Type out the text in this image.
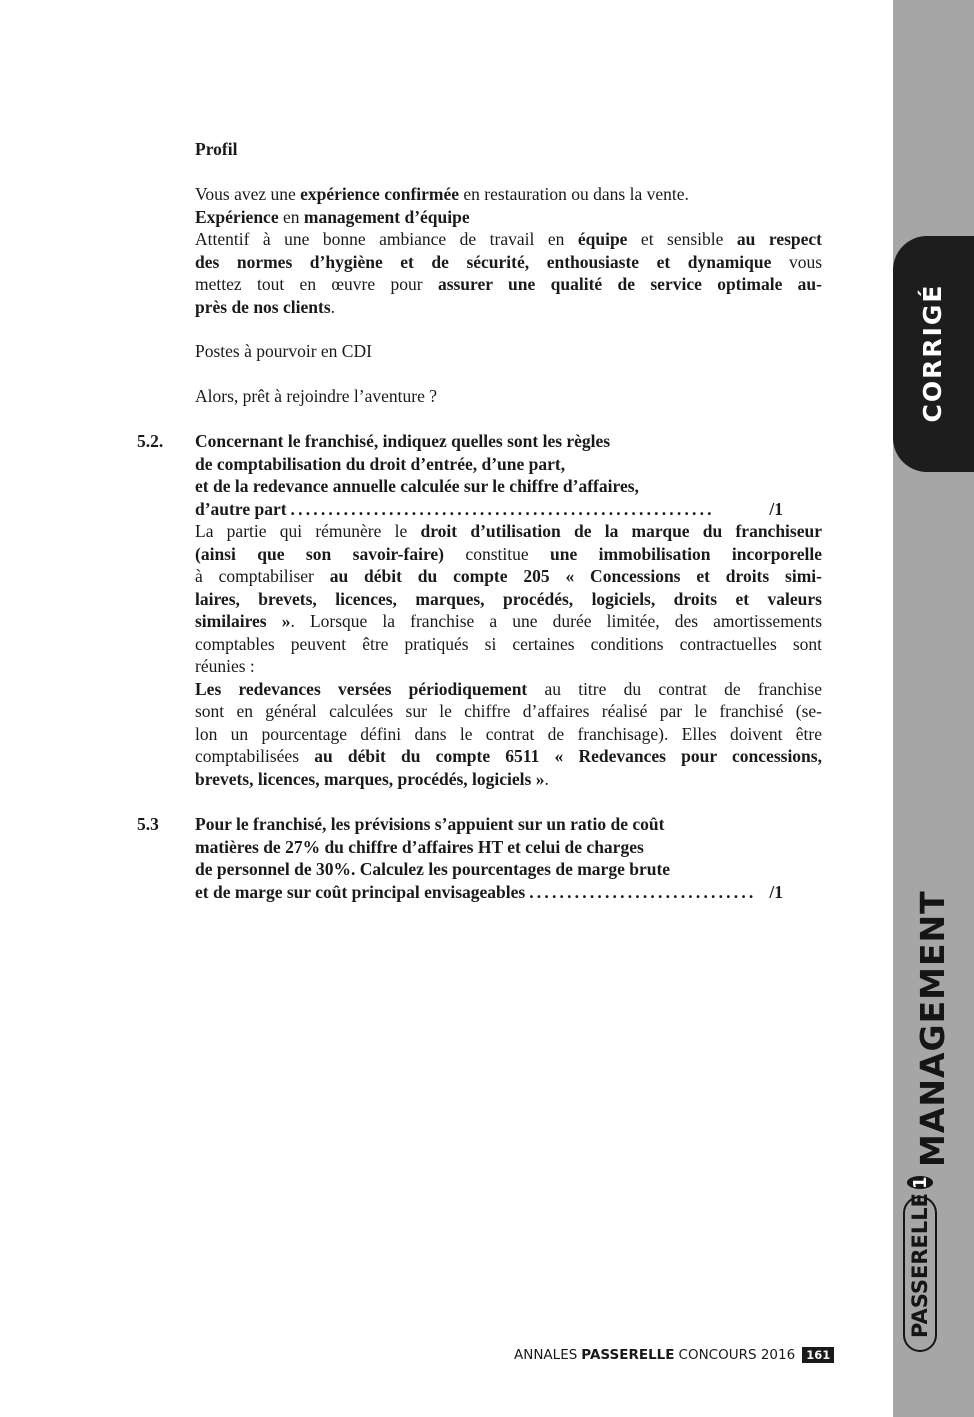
CORRIGÉ
MANAGEMENT
PASSERELLE
1
Profil
Vous avez une expérience confirmée en restauration ou dans la vente.
Expérience en management d’équipe
Attentif à une bonne ambiance de travail en équipe et sensible au respect
des normes d’hygiène et de sécurité, enthousiaste et dynamique vous
mettez tout en œuvre pour assurer une qualité de service optimale au-
près de nos clients.
Postes à pourvoir en CDI
Alors, prêt à rejoindre l’aventure ?
5.2. Concernant le franchisé, indiquez quelles sont les règles
de comptabilisation du droit d’entrée, d’une part,
et de la redevance annuelle calculée sur le chiffre d’affaires,
d’autre part ........................................................	/1
La partie qui rémunère le droit d’utilisation de la marque du franchiseur
(ainsi que son savoir-faire) constitue une immobilisation incorporelle
à comptabiliser au débit du compte 205 « Concessions et droits simi-
laires, brevets, licences, marques, procédés, logiciels, droits et valeurs
similaires ». Lorsque la franchise a une durée limitée, des amortissements
comptables peuvent être pratiqués si certaines conditions contractuelles sont
réunies :
Les redevances versées périodiquement au titre du contrat de franchise
sont en général calculées sur le chiffre d’affaires réalisé par le franchisé (se-
lon un pourcentage défini dans le contrat de franchisage). Elles doivent être
comptabilisées au débit du compte 6511 « Redevances pour concessions,
brevets, licences, marques, procédés, logiciels ».
5.3 Pour le franchisé, les prévisions s’appuient sur un ratio de coût
matières de 27% du chiffre d’affaires HT et celui de charges
de personnel de 30%. Calculez les pourcentages de marge brute
et de marge sur coût principal envisageables .............................. /1
ANNALES PASSERELLE CONCOURS 2016 161
